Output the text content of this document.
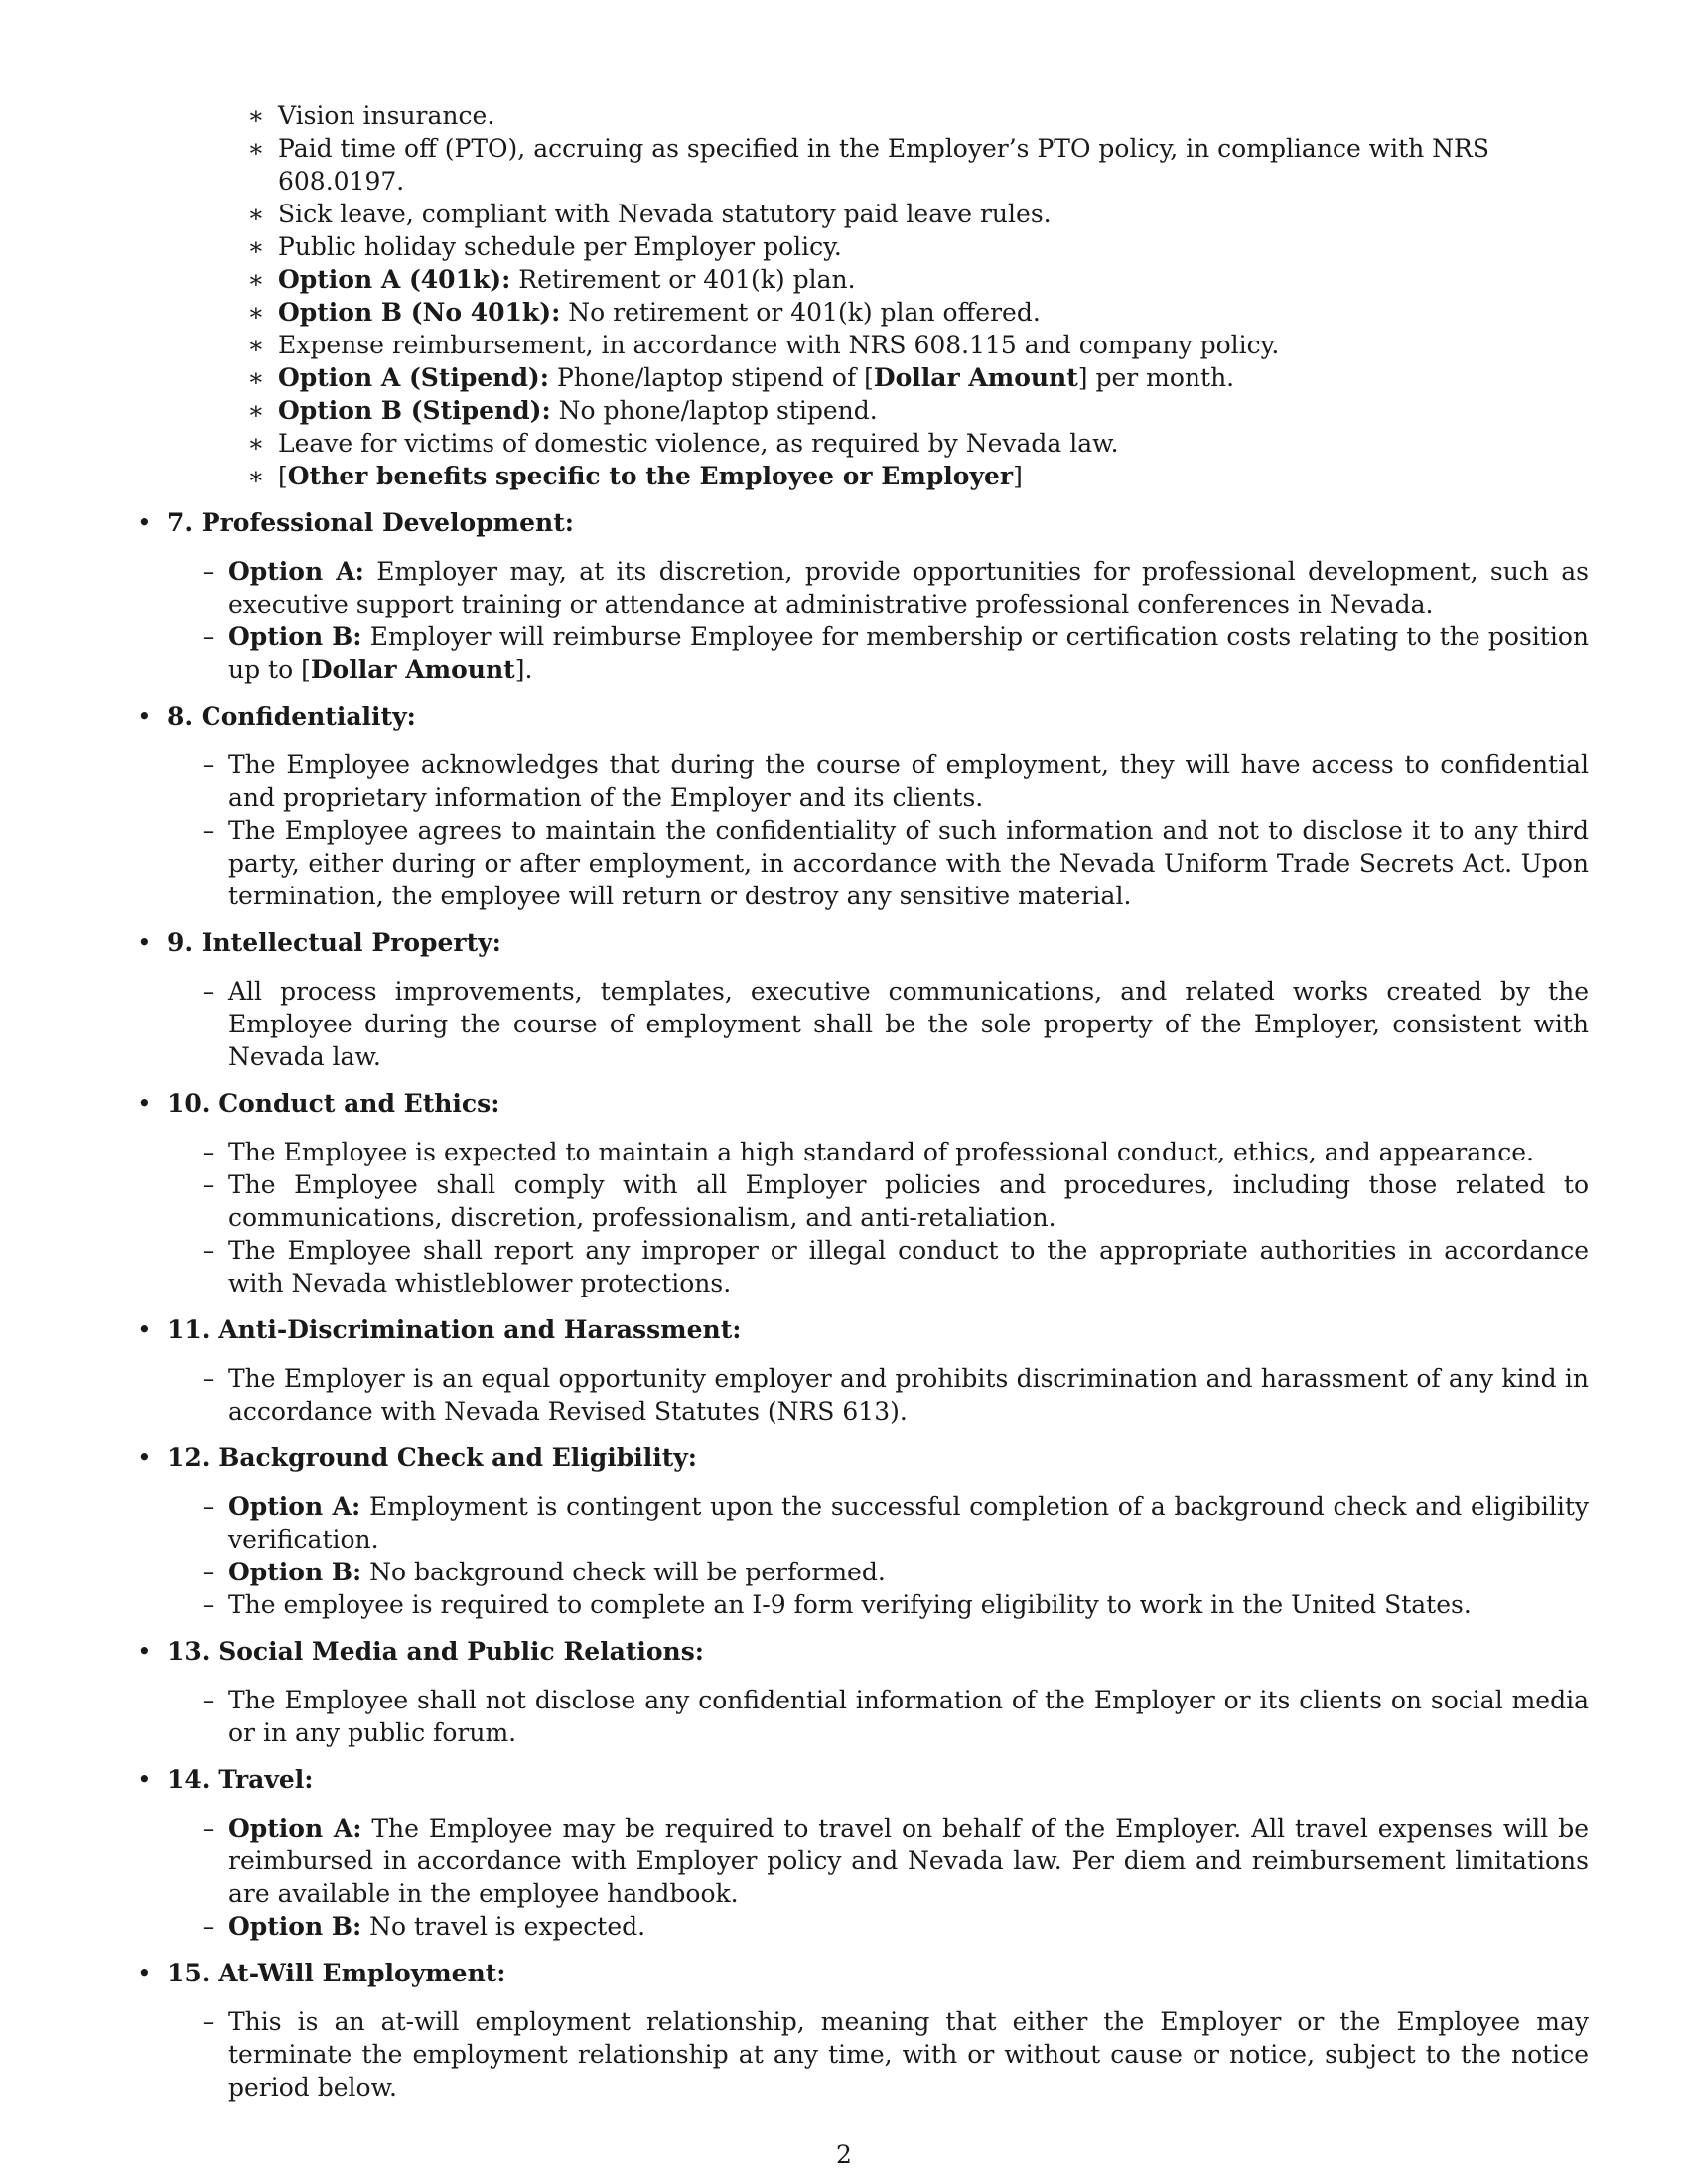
∗ Vision insurance.
∗ Paid time off (PTO), accruing as specified in the Employer’s PTO policy, in compliance with NRS 608.0197.
∗ Sick leave, compliant with Nevada statutory paid leave rules.
∗ Public holiday schedule per Employer policy.
∗ Option A (401k): Retirement or 401(k) plan.
∗ Option B (No 401k): No retirement or 401(k) plan offered.
∗ Expense reimbursement, in accordance with NRS 608.115 and company policy.
∗ Option A (Stipend): Phone/laptop stipend of [Dollar Amount] per month.
∗ Option B (Stipend): No phone/laptop stipend.
∗ Leave for victims of domestic violence, as required by Nevada law.
∗ [Other benefits specific to the Employee or Employer]
• 7. Professional Development:
– Option A: Employer may, at its discretion, provide opportunities for professional development, such as executive support training or attendance at administrative professional conferences in Nevada.
– Option B: Employer will reimburse Employee for membership or certification costs relating to the position up to [Dollar Amount].
• 8. Confidentiality:
– The Employee acknowledges that during the course of employment, they will have access to confidential and proprietary information of the Employer and its clients.
– The Employee agrees to maintain the confidentiality of such information and not to disclose it to any third party, either during or after employment, in accordance with the Nevada Uniform Trade Secrets Act. Upon termination, the employee will return or destroy any sensitive material.
• 9. Intellectual Property:
– All process improvements, templates, executive communications, and related works created by the Employee during the course of employment shall be the sole property of the Employer, consistent with Nevada law.
• 10. Conduct and Ethics:
– The Employee is expected to maintain a high standard of professional conduct, ethics, and appearance.
– The Employee shall comply with all Employer policies and procedures, including those related to communications, discretion, professionalism, and anti-retaliation.
– The Employee shall report any improper or illegal conduct to the appropriate authorities in accordance with Nevada whistleblower protections.
• 11. Anti-Discrimination and Harassment:
– The Employer is an equal opportunity employer and prohibits discrimination and harassment of any kind in accordance with Nevada Revised Statutes (NRS 613).
• 12. Background Check and Eligibility:
– Option A: Employment is contingent upon the successful completion of a background check and eligibility verification.
– Option B: No background check will be performed.
– The employee is required to complete an I-9 form verifying eligibility to work in the United States.
• 13. Social Media and Public Relations:
– The Employee shall not disclose any confidential information of the Employer or its clients on social media or in any public forum.
• 14. Travel:
– Option A: The Employee may be required to travel on behalf of the Employer. All travel expenses will be reimbursed in accordance with Employer policy and Nevada law. Per diem and reimbursement limitations are available in the employee handbook.
– Option B: No travel is expected.
• 15. At-Will Employment:
– This is an at-will employment relationship, meaning that either the Employer or the Employee may terminate the employment relationship at any time, with or without cause or notice, subject to the notice period below.
2
